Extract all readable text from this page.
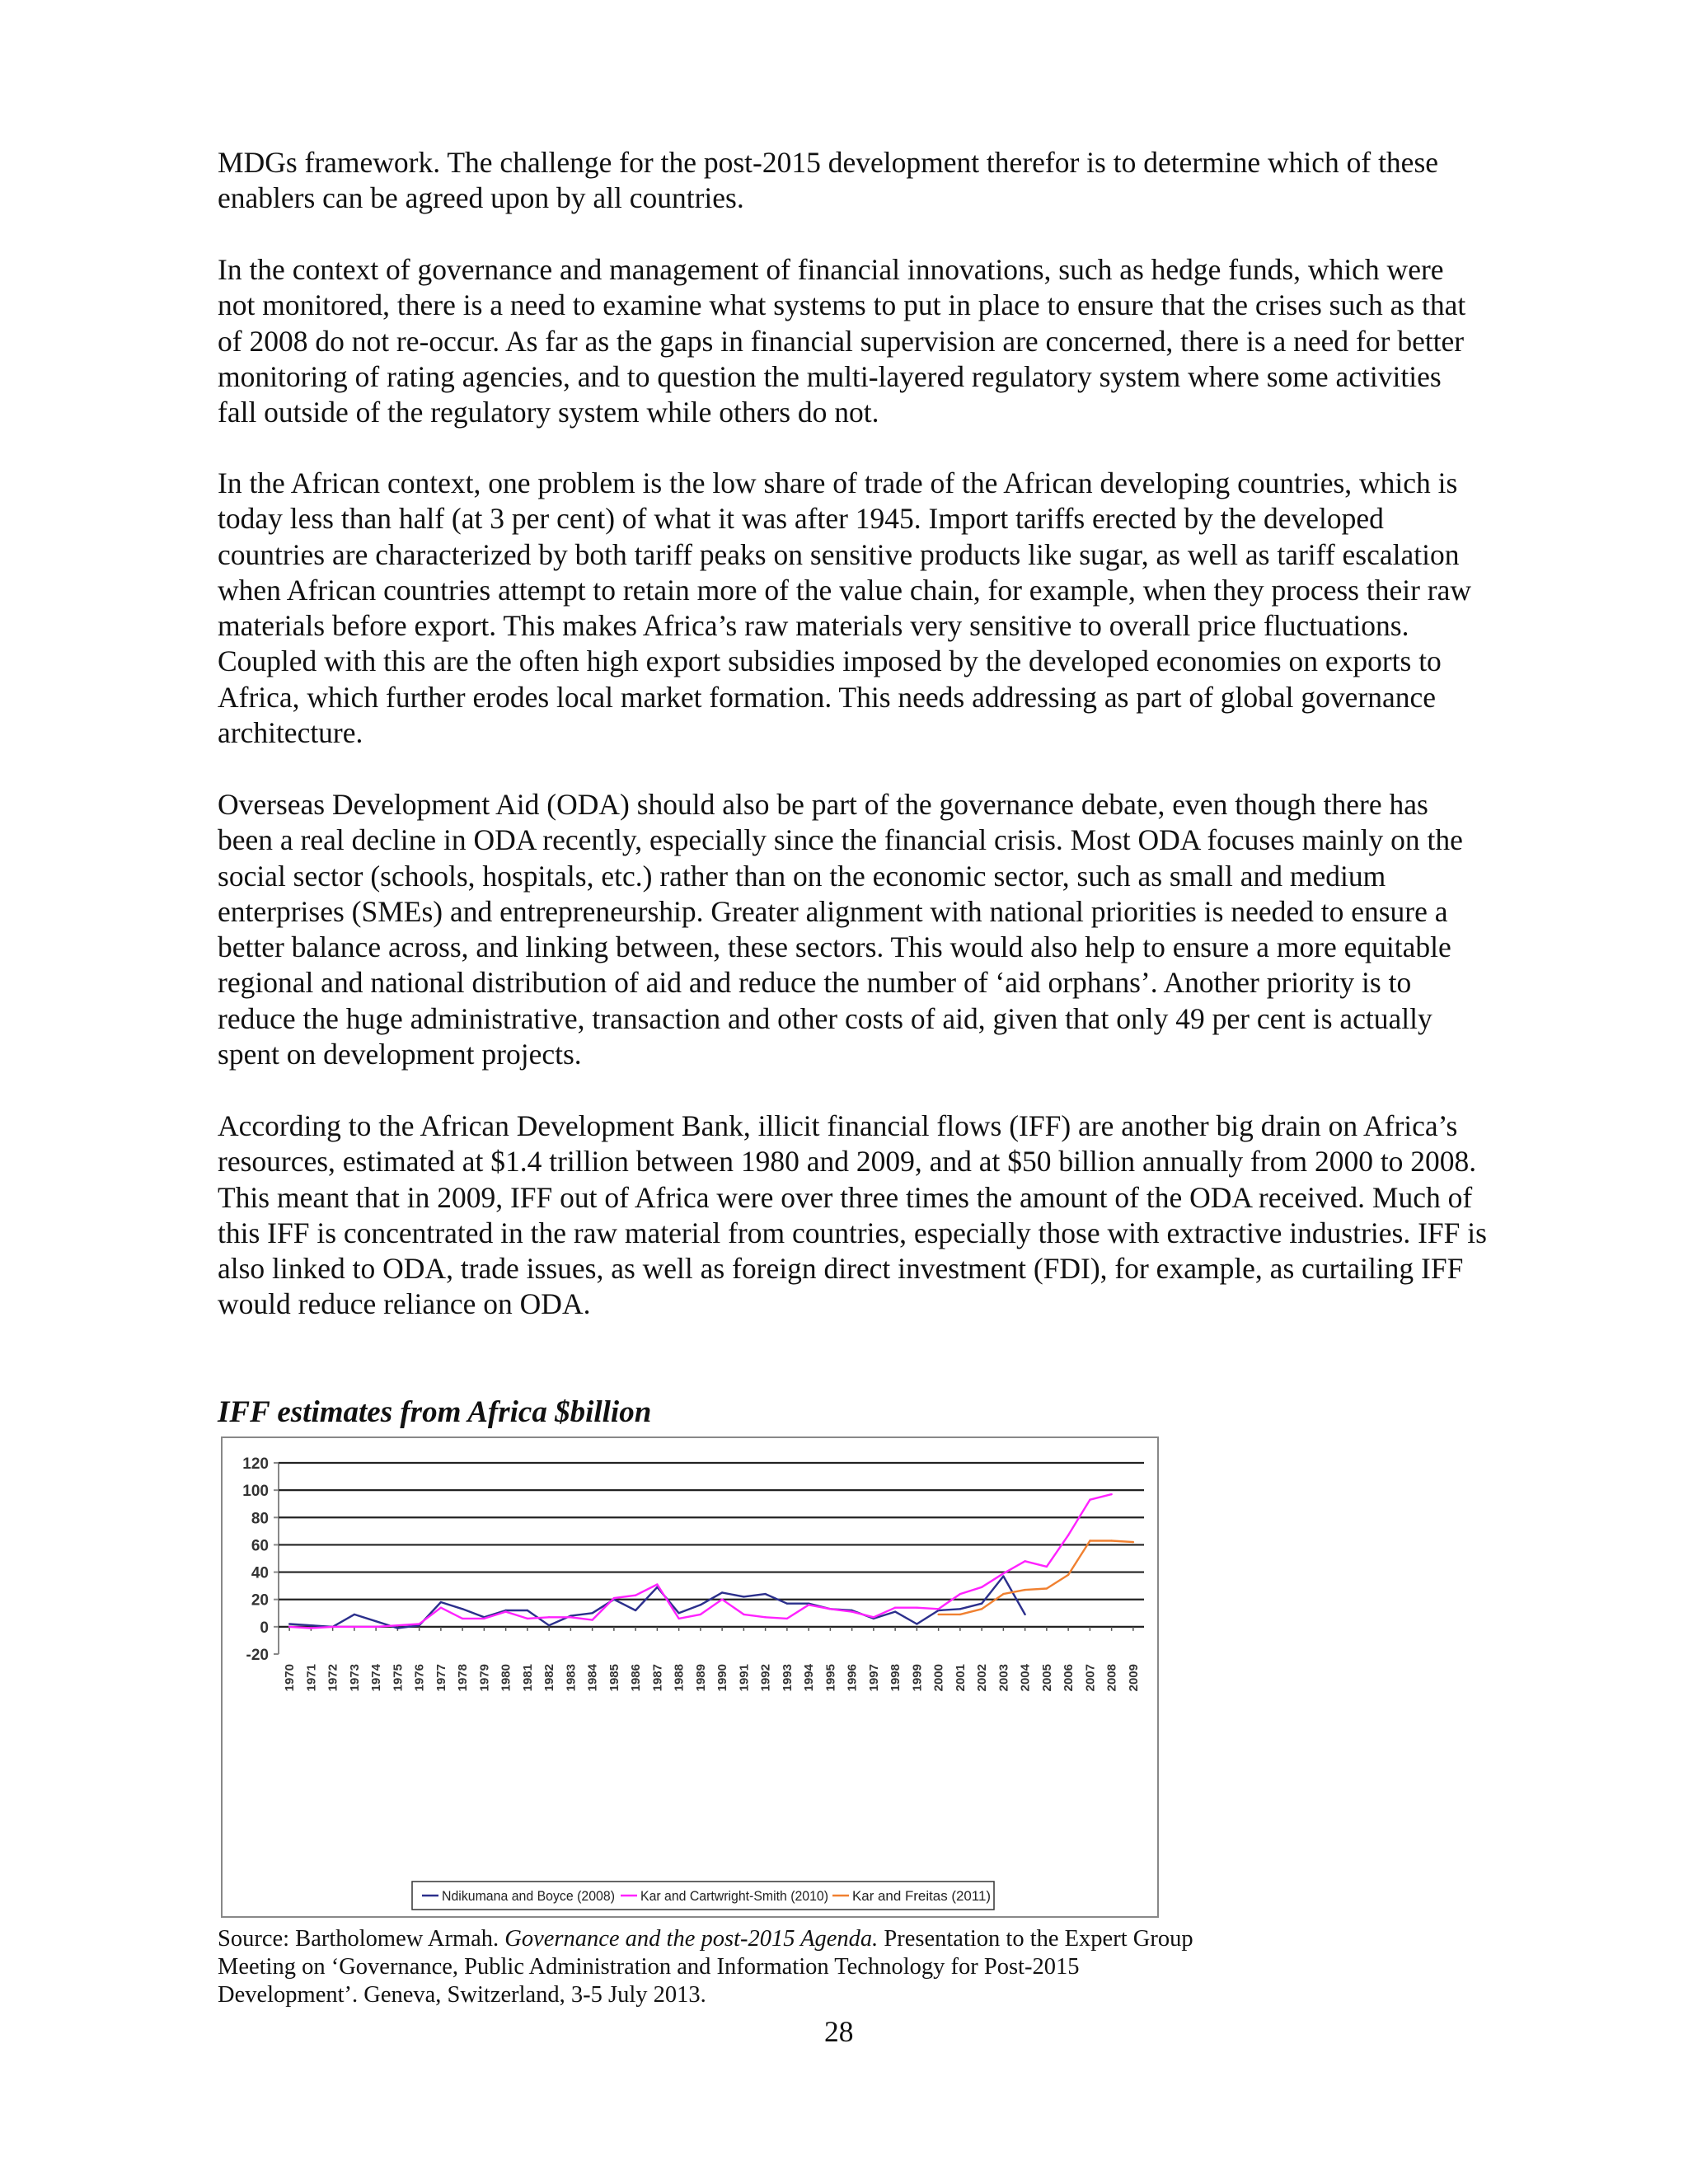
MDGs framework. The challenge for the post-2015 development therefor is to determine which of these enablers can be agreed upon by all countries.

In the context of governance and management of financial innovations, such as hedge funds, which were not monitored, there is a need to examine what systems to put in place to ensure that the crises such as that of 2008 do not re-occur. As far as the gaps in financial supervision are concerned, there is a need for better monitoring of rating agencies, and to question the multi-layered regulatory system where some activities fall outside of the regulatory system while others do not.

In the African context, one problem is the low share of trade of the African developing countries, which is today less than half (at 3 per cent) of what it was after 1945. Import tariffs erected by the developed countries are characterized by both tariff peaks on sensitive products like sugar, as well as tariff escalation when African countries attempt to retain more of the value chain, for example, when they process their raw materials before export. This makes Africa’s raw materials very sensitive to overall price fluctuations. Coupled with this are the often high export subsidies imposed by the developed economies on exports to Africa, which further erodes local market formation. This needs addressing as part of global governance architecture.

Overseas Development Aid (ODA) should also be part of the governance debate, even though there has been a real decline in ODA recently, especially since the financial crisis. Most ODA focuses mainly on the social sector (schools, hospitals, etc.) rather than on the economic sector, such as small and medium enterprises (SMEs) and entrepreneurship. Greater alignment with national priorities is needed to ensure a better balance across, and linking between, these sectors. This would also help to ensure a more equitable regional and national distribution of aid and reduce the number of ‘aid orphans’. Another priority is to reduce the huge administrative, transaction and other costs of aid, given that only 49 per cent is actually spent on development projects.

According to the African Development Bank, illicit financial flows (IFF) are another big drain on Africa’s resources, estimated at $1.4 trillion between 1980 and 2009, and at $50 billion annually from 2000 to 2008. This meant that in 2009, IFF out of Africa were over three times the amount of the ODA received. Much of this IFF is concentrated in the raw material from countries, especially those with extractive industries. IFF is also linked to ODA, trade issues, as well as foreign direct investment (FDI), for example, as curtailing IFF would reduce reliance on ODA.

IFF estimates from Africa $billion

-20
0
20
40
60
80
100
120
1970 1971 1972 1973 1974 1975 1976 1977 1978 1979 1980 1981 1982 1983 1984 1985 1986 1987 1988 1989 1990 1991 1992 1993 1994 1995 1996 1997 1998 1999 2000 2001 2002 2003 2004 2005 2006 2007 2008 2009
Ndikumana and Boyce (2008) Kar and Cartwright-Smith (2010) Kar and Freitas (2011)

Source: Bartholomew Armah. Governance and the post-2015 Agenda. Presentation to the Expert Group Meeting on ‘Governance, Public Administration and Information Technology for Post-2015 Development’. Geneva, Switzerland, 3-5 July 2013.

28
